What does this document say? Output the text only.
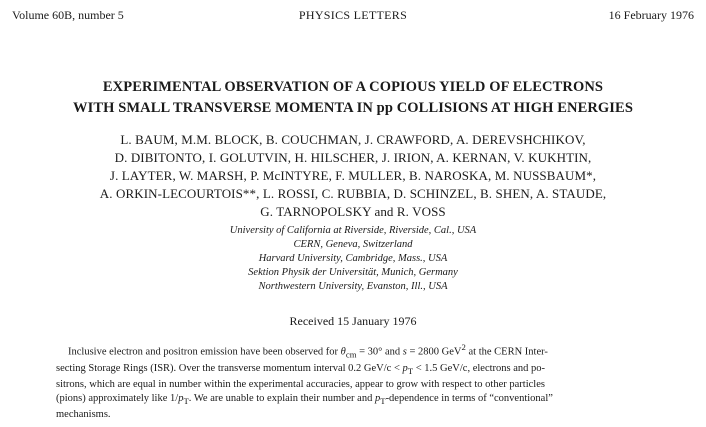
Volume 60B, number 5	PHYSICS LETTERS	16 February 1976
EXPERIMENTAL OBSERVATION OF A COPIOUS YIELD OF ELECTRONS
WITH SMALL TRANSVERSE MOMENTA IN pp COLLISIONS AT HIGH ENERGIES
L. BAUM, M.M. BLOCK, B. COUCHMAN, J. CRAWFORD, A. DEREVSHCHIKOV,
D. DIBITONTO, I. GOLUTVIN, H. HILSCHER, J. IRION, A. KERNAN, V. KUKHTIN,
J. LAYTER, W. MARSH, P. McINTYRE, F. MULLER, B. NAROSKA, M. NUSSBAUM*,
A. ORKIN-LECOURTOIS**, L. ROSSI, C. RUBBIA, D. SCHINZEL, B. SHEN, A. STAUDE,
G. TARNOPOLSKY and R. VOSS
University of California at Riverside, Riverside, Cal., USA
CERN, Geneva, Switzerland
Harvard University, Cambridge, Mass., USA
Sektion Physik der Universität, Munich, Germany
Northwestern University, Evanston, Ill., USA
Received 15 January 1976
Inclusive electron and positron emission have been observed for $\theta_{cm} = 30^\circ$ and s = 2800 GeV$^2$ at the CERN Inter-
secting Storage Rings (ISR). Over the transverse momentum interval 0.2 $GeV/c < p_T < 1.5$ GeV/c, electrons and po-
sitrons, which are equal in number within the experimental accuracies, appear to grow with respect to other particles
(pions) approximately like $1/p_T$. We are unable to explain their number and $p_T$-dependence in terms of “conventional”
mechanisms.
